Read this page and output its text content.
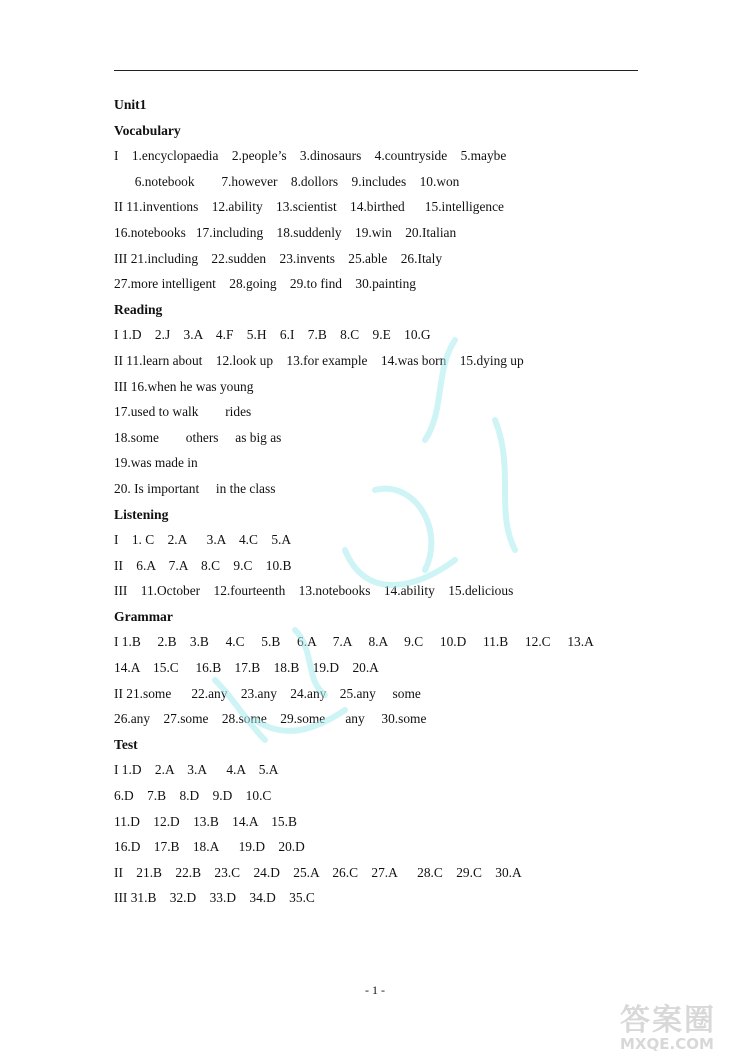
Unit1
Vocabulary
I    1.encyclopaedia    2.people’s    3.dinosaurs    4.countryside    5.maybe
6.notebook        7.however    8.dollors    9.includes    10.won
II 11.inventions    12.ability    13.scientist    14.birthed      15.intelligence
16.notebooks   17.including    18.suddenly    19.win    20.Italian
III 21.including    22.sudden    23.invents    25.able    26.Italy
27.more intelligent    28.going    29.to find    30.painting
Reading
I 1.D    2.J    3.A    4.F    5.H    6.I    7.B    8.C    9.E    10.G
II 11.learn about    12.look up    13.for example    14.was born    15.dying up
III 16.when he was young
17.used to walk        rides
18.some        others     as big as
19.was made in
20. Is important     in the class
Listening
I    1. C    2.A      3.A    4.C    5.A
II    6.A    7.A    8.C    9.C    10.B
III    11.October    12.fourteenth    13.notebooks    14.ability    15.delicious
Grammar
I 1.B     2.B    3.B     4.C     5.B     6.A     7.A     8.A     9.C     10.D     11.B     12.C     13.A
14.A    15.C     16.B    17.B    18.B    19.D    20.A
II 21.some      22.any    23.any    24.any    25.any     some
26.any    27.some    28.some    29.some      any     30.some
Test
I 1.D    2.A    3.A      4.A    5.A
6.D    7.B    8.D    9.D    10.C
11.D    12.D    13.B    14.A    15.B
16.D    17.B    18.A      19.D    20.D
II    21.B    22.B    23.C    24.D    25.A    26.C    27.A      28.C    29.C    30.A
III 31.B    32.D    33.D    34.D    35.C
- 1 -
答案圈
MXQE.COM
